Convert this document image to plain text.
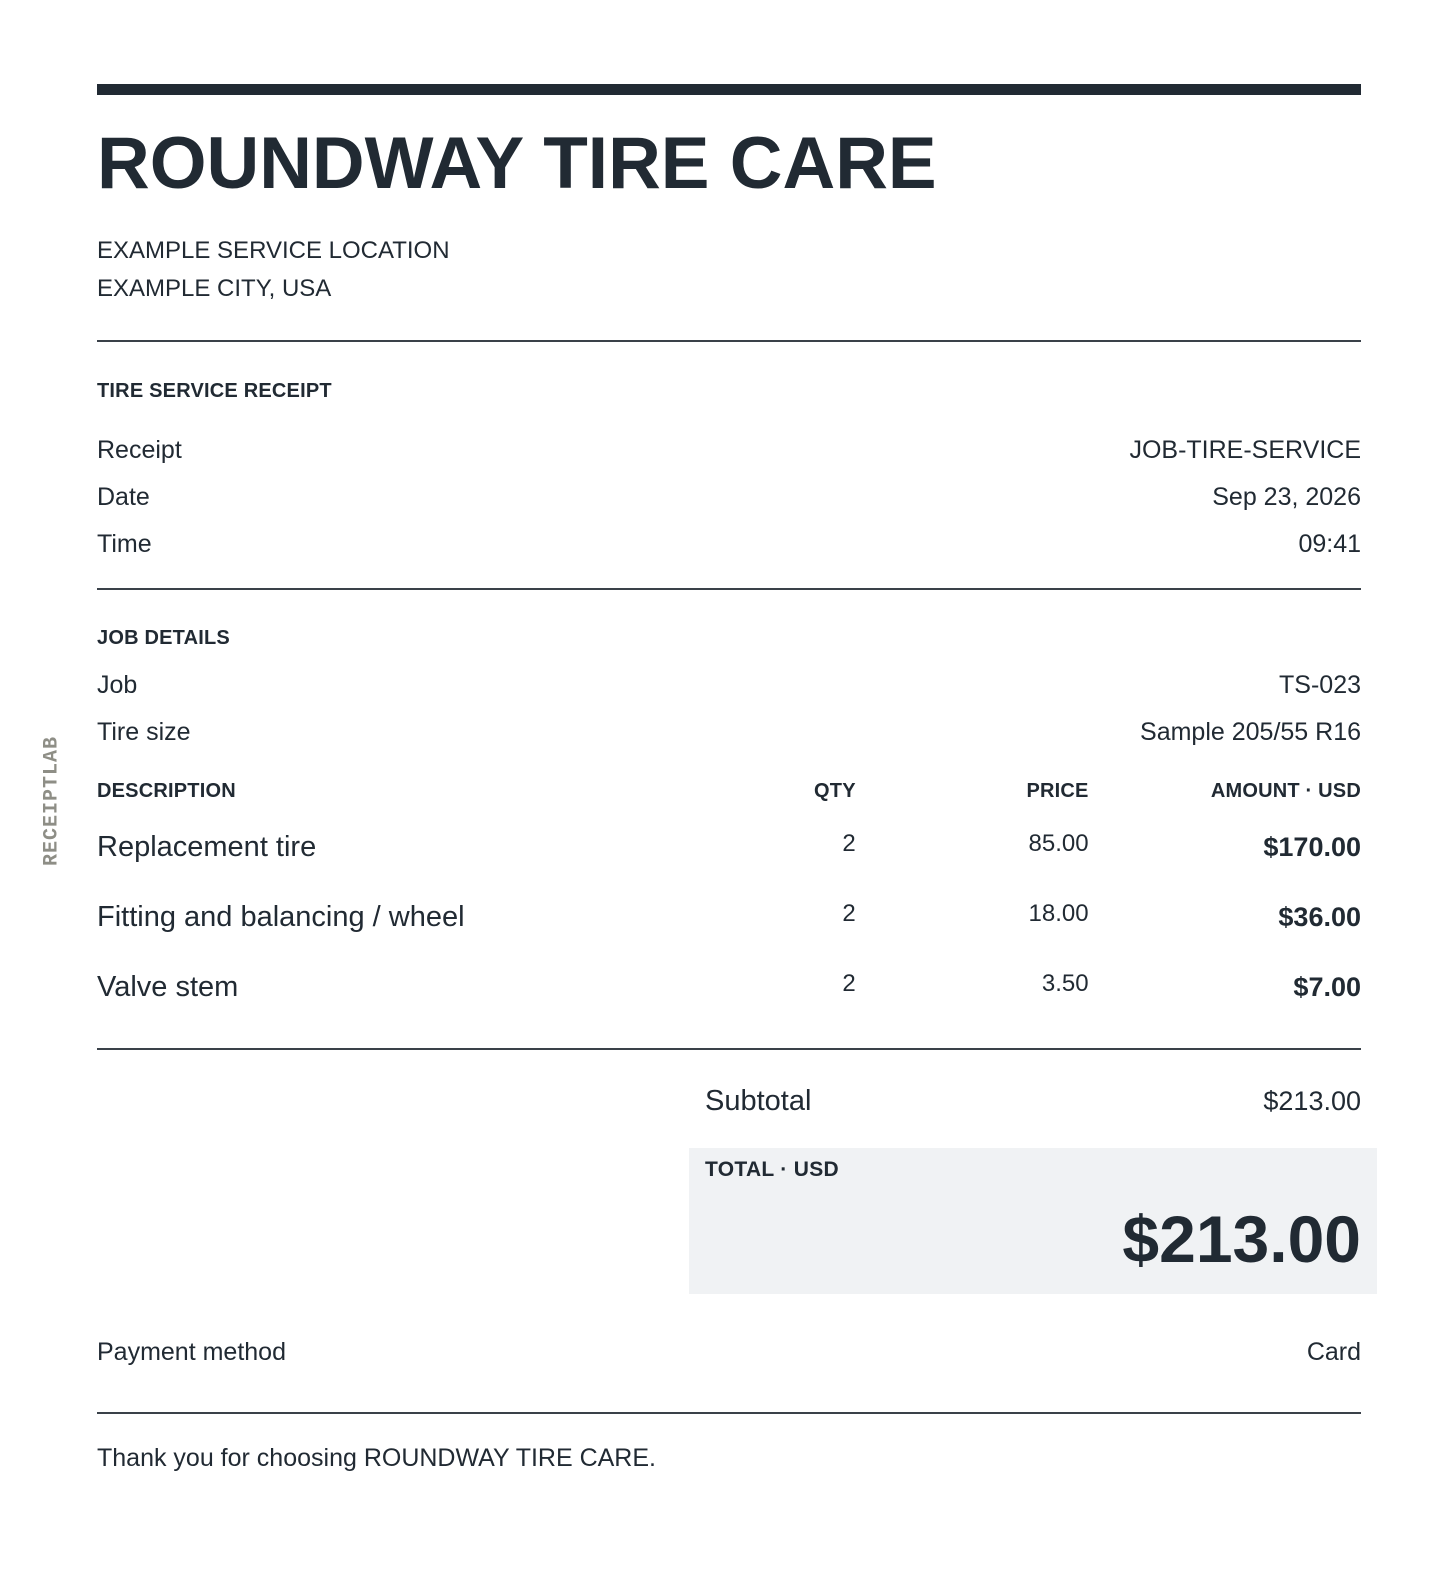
RECEIPTLAB
ROUNDWAY TIRE CARE
EXAMPLE SERVICE LOCATION
EXAMPLE CITY, USA
TIRE SERVICE RECEIPT
Receipt	JOB-TIRE-SERVICE
Date	Sep 23, 2026
Time	09:41
JOB DETAILS
Job	TS-023
Tire size	Sample 205/55 R16
DESCRIPTION	QTY	PRICE	AMOUNT · USD
Replacement tire	2	85.00	$170.00
Fitting and balancing / wheel	2	18.00	$36.00
Valve stem	2	3.50	$7.00
Subtotal	$213.00
TOTAL · USD
$213.00
Payment method	Card
Thank you for choosing ROUNDWAY TIRE CARE.
